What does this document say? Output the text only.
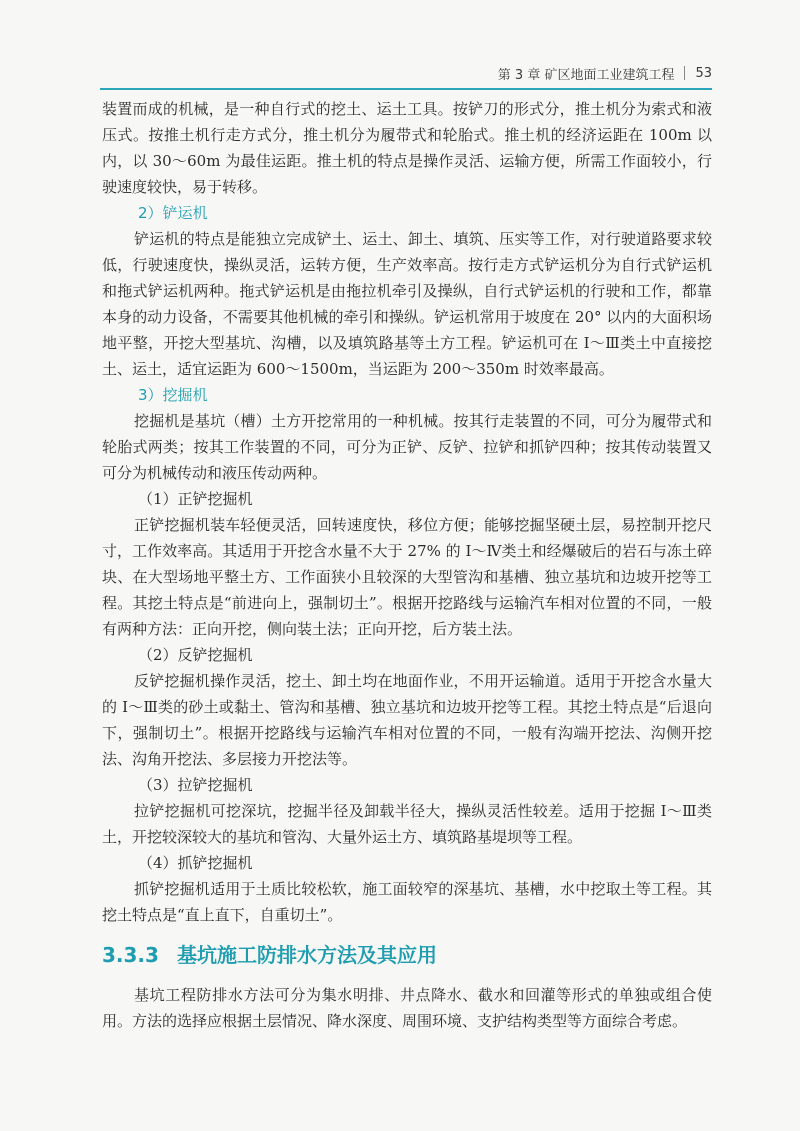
第 3 章 矿区地面工业建筑工程 53

装置而成的机械，是一种自行式的挖土、运土工具。按铲刀的形式分，推土机分为索式和液压式。按推土机行走方式分，推土机分为履带式和轮胎式。推土机的经济运距在 100m 以内，以 30～60m 为最佳运距。推土机的特点是操作灵活、运输方便，所需工作面较小，行驶速度较快，易于转移。

2）铲运机

铲运机的特点是能独立完成铲土、运土、卸土、填筑、压实等工作，对行驶道路要求较低，行驶速度快，操纵灵活，运转方便，生产效率高。按行走方式铲运机分为自行式铲运机和拖式铲运机两种。拖式铲运机是由拖拉机牵引及操纵，自行式铲运机的行驶和工作，都靠本身的动力设备，不需要其他机械的牵引和操纵。铲运机常用于坡度在 20° 以内的大面积场地平整，开挖大型基坑、沟槽，以及填筑路基等土方工程。铲运机可在 Ⅰ～Ⅲ类土中直接挖土、运土，适宜运距为 600～1500m，当运距为 200～350m 时效率最高。

3）挖掘机

挖掘机是基坑（槽）土方开挖常用的一种机械。按其行走装置的不同，可分为履带式和轮胎式两类；按其工作装置的不同，可分为正铲、反铲、拉铲和抓铲四种；按其传动装置又可分为机械传动和液压传动两种。

（1）正铲挖掘机

正铲挖掘机装车轻便灵活，回转速度快，移位方便；能够挖掘坚硬土层，易控制开挖尺寸，工作效率高。其适用于开挖含水量不大于 27% 的 Ⅰ～Ⅳ类土和经爆破后的岩石与冻土碎块、在大型场地平整土方、工作面狭小且较深的大型管沟和基槽、独立基坑和边坡开挖等工程。其挖土特点是“前进向上，强制切土”。根据开挖路线与运输汽车相对位置的不同，一般有两种方法：正向开挖，侧向装土法；正向开挖，后方装土法。

（2）反铲挖掘机

反铲挖掘机操作灵活，挖土、卸土均在地面作业，不用开运输道。适用于开挖含水量大的 Ⅰ～Ⅲ类的砂土或黏土、管沟和基槽、独立基坑和边坡开挖等工程。其挖土特点是“后退向下，强制切土”。根据开挖路线与运输汽车相对位置的不同，一般有沟端开挖法、沟侧开挖法、沟角开挖法、多层接力开挖法等。

（3）拉铲挖掘机

拉铲挖掘机可挖深坑，挖掘半径及卸载半径大，操纵灵活性较差。适用于挖掘 Ⅰ～Ⅲ类土，开挖较深较大的基坑和管沟、大量外运土方、填筑路基堤坝等工程。

（4）抓铲挖掘机

抓铲挖掘机适用于土质比较松软，施工面较窄的深基坑、基槽，水中挖取土等工程。其挖土特点是“直上直下，自重切土”。

3.3.3 基坑施工防排水方法及其应用

基坑工程防排水方法可分为集水明排、井点降水、截水和回灌等形式的单独或组合使用。方法的选择应根据土层情况、降水深度、周围环境、支护结构类型等方面综合考虑。
